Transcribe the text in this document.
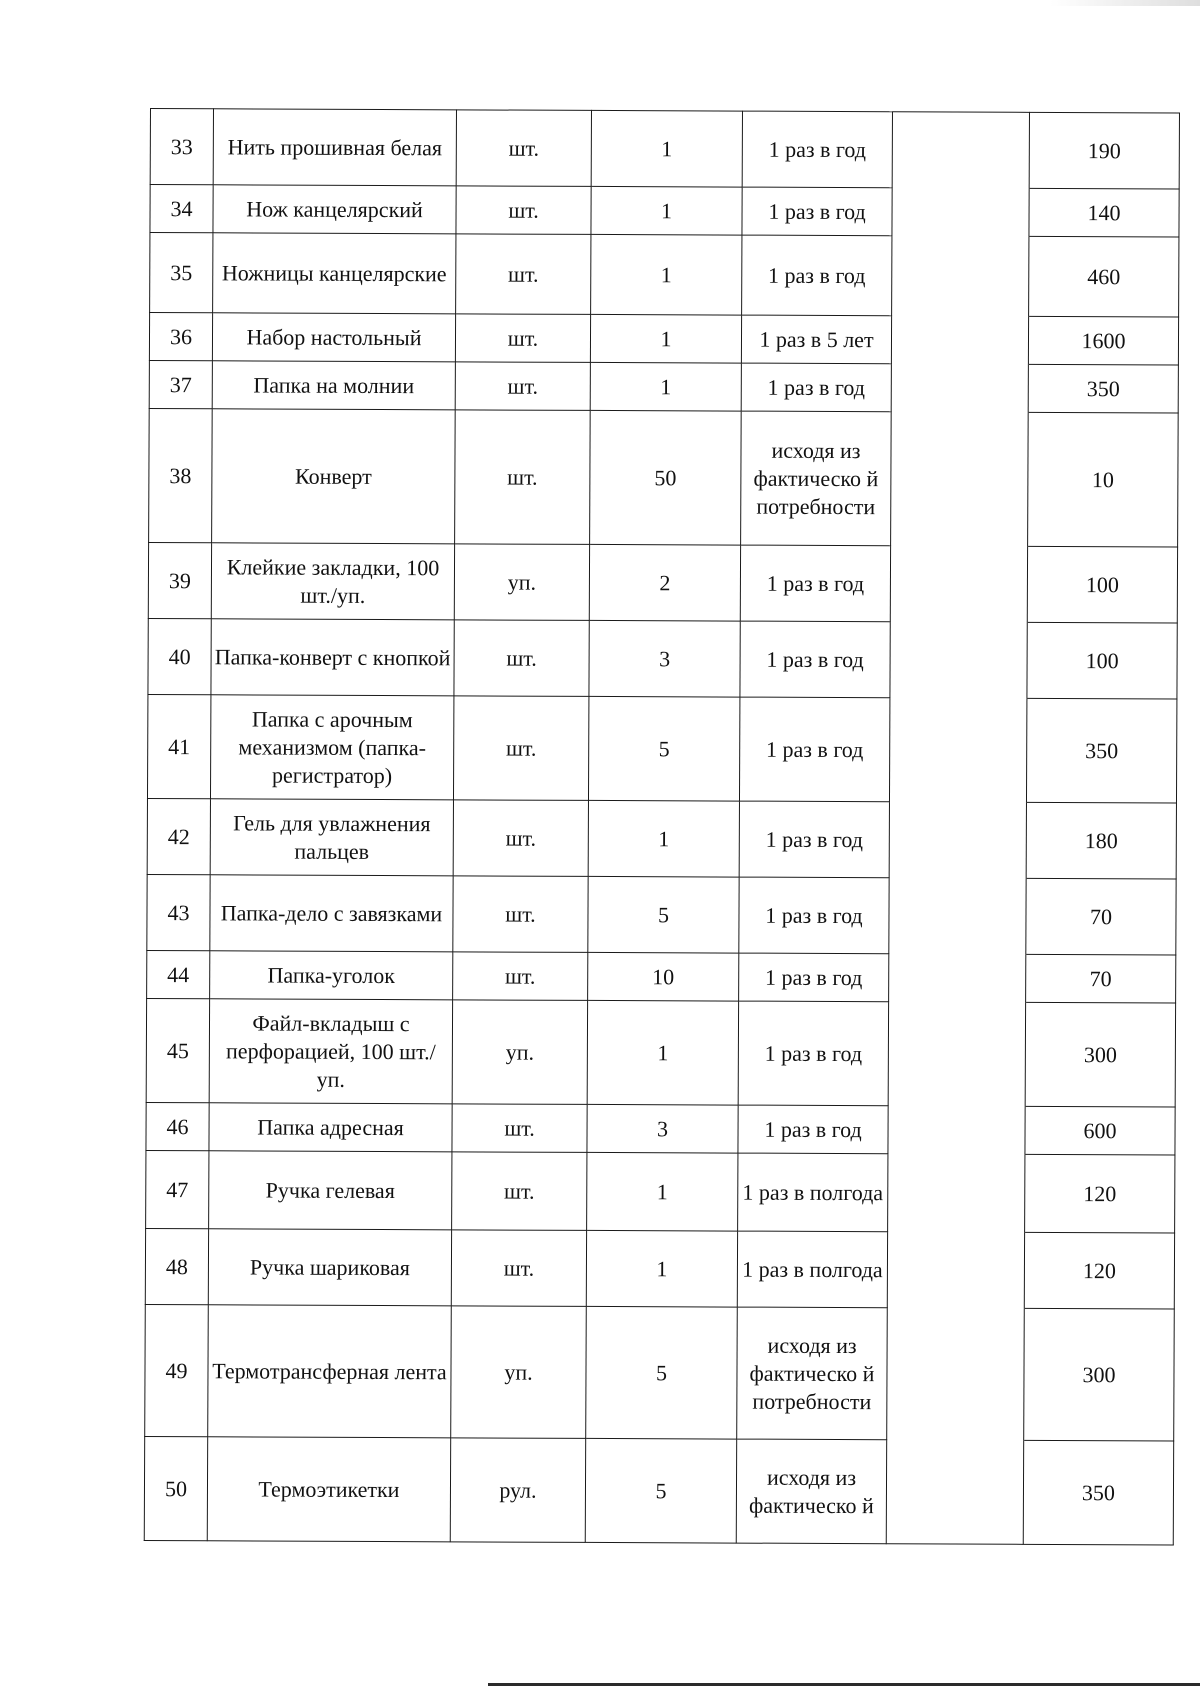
33	Нить прошивная белая	шт.	1	1 раз в год		190
34	Нож канцелярский	шт.	1	1 раз в год		140
35	Ножницы канцелярские	шт.	1	1 раз в год		460
36	Набор настольный	шт.	1	1 раз в 5 лет		1600
37	Папка на молнии	шт.	1	1 раз в год		350
38	Конверт	шт.	50	исходя из фактическо й потребности		10
39	Клейкие закладки, 100 шт./уп.	уп.	2	1 раз в год		100
40	Папка-конверт с кнопкой	шт.	3	1 раз в год		100
41	Папка с арочным механизмом (папка-регистратор)	шт.	5	1 раз в год		350
42	Гель для увлажнения пальцев	шт.	1	1 раз в год		180
43	Папка-дело с завязками	шт.	5	1 раз в год		70
44	Папка-уголок	шт.	10	1 раз в год		70
45	Файл-вкладыш с перфорацией, 100 шт./уп.	уп.	1	1 раз в год		300
46	Папка адресная	шт.	3	1 раз в год		600
47	Ручка гелевая	шт.	1	1 раз в полгода		120
48	Ручка шариковая	шт.	1	1 раз в полгода		120
49	Термотрансферная лента	уп.	5	исходя из фактическо й потребности		300
50	Термоэтикетки	рул.	5	исходя из фактическо й		350
